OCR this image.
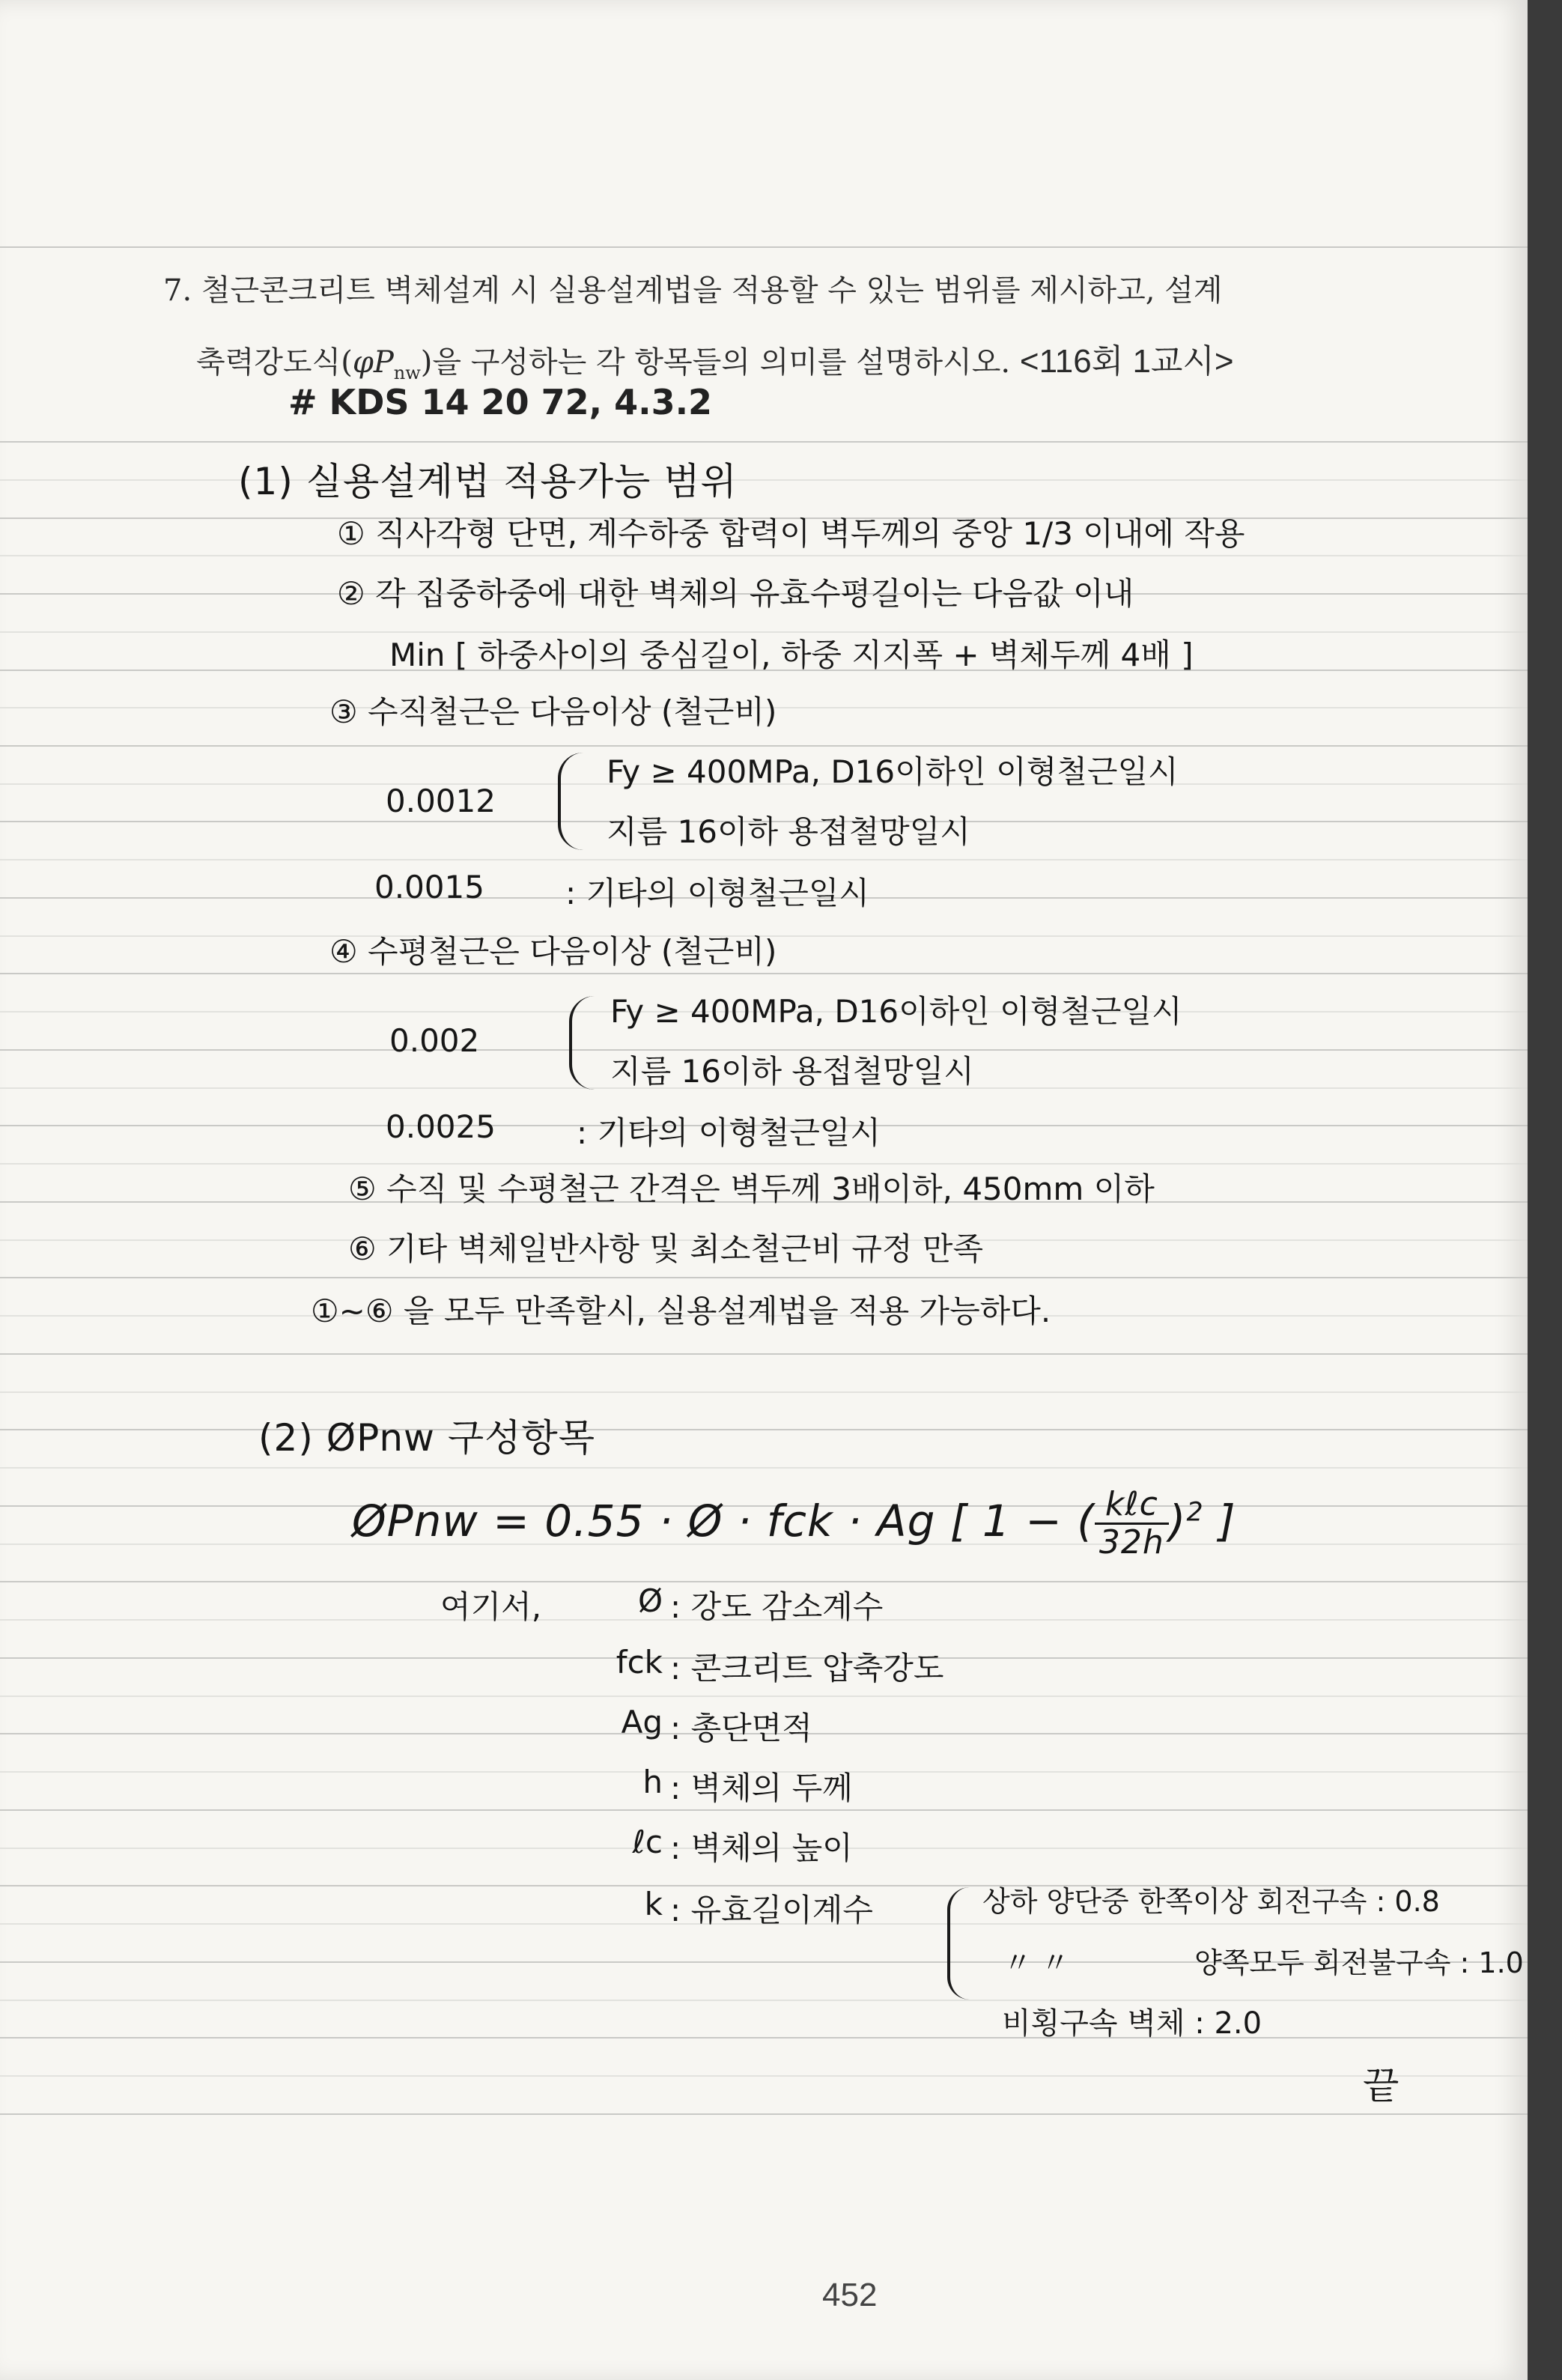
7. 철근콘크리트 벽체설계 시 실용설계법을 적용할 수 있는 범위를 제시하고, 설계
축력강도식$(\varphi P_{nw})$을 구성하는 각 항목들의 의미를 설명하시오. <116회 1교시>
# KDS 14 20 72, 4.3.2
(1) 실용설계법 적용가능 범위
① 직사각형 단면, 계수하중 합력이 벽두께의 중앙 1/3 이내에 작용
② 각 집중하중에 대한 벽체의 유효수평길이는 다음값 이내
Min [ 하중사이의 중심길이, 하중 지지폭 + 벽체두께 4배 ]
③ 수직철근은 다음이상 (철근비)
0.0012
Fy ≥ 400MPa, D16이하인 이형철근일시
지름 16이하 용접철망일시
0.0015	: 기타의 이형철근일시
④ 수평철근은 다음이상 (철근비)
0.002
Fy ≥ 400MPa, D16이하인 이형철근일시
지름 16이하 용접철망일시
0.0025	: 기타의 이형철근일시
⑤ 수직 및 수평철근 간격은 벽두께 3배이하, 450mm 이하
⑥ 기타 벽체일반사항 및 최소철근비 규정 만족
①~⑥ 을 모두 만족할시, 실용설계법을 적용 가능하다.
(2) ØPnw 구성항목
ØPnw = 0.55 · Ø · fck · Ag [ 1 − ( kℓc
32h )$^2$ ]
여기서,	Ø : 강도 감소계수
fck : 콘크리트 압축강도
Ag : 총단면적
h : 벽체의 두께
ℓc : 벽체의 높이
k : 유효길이계수	상하 양단중 한쪽이상 회전구속 : 0.8
〃 〃	양쪽모두 회전불구속 : 1.0
비횡구속 벽체 : 2.0
끝
452
